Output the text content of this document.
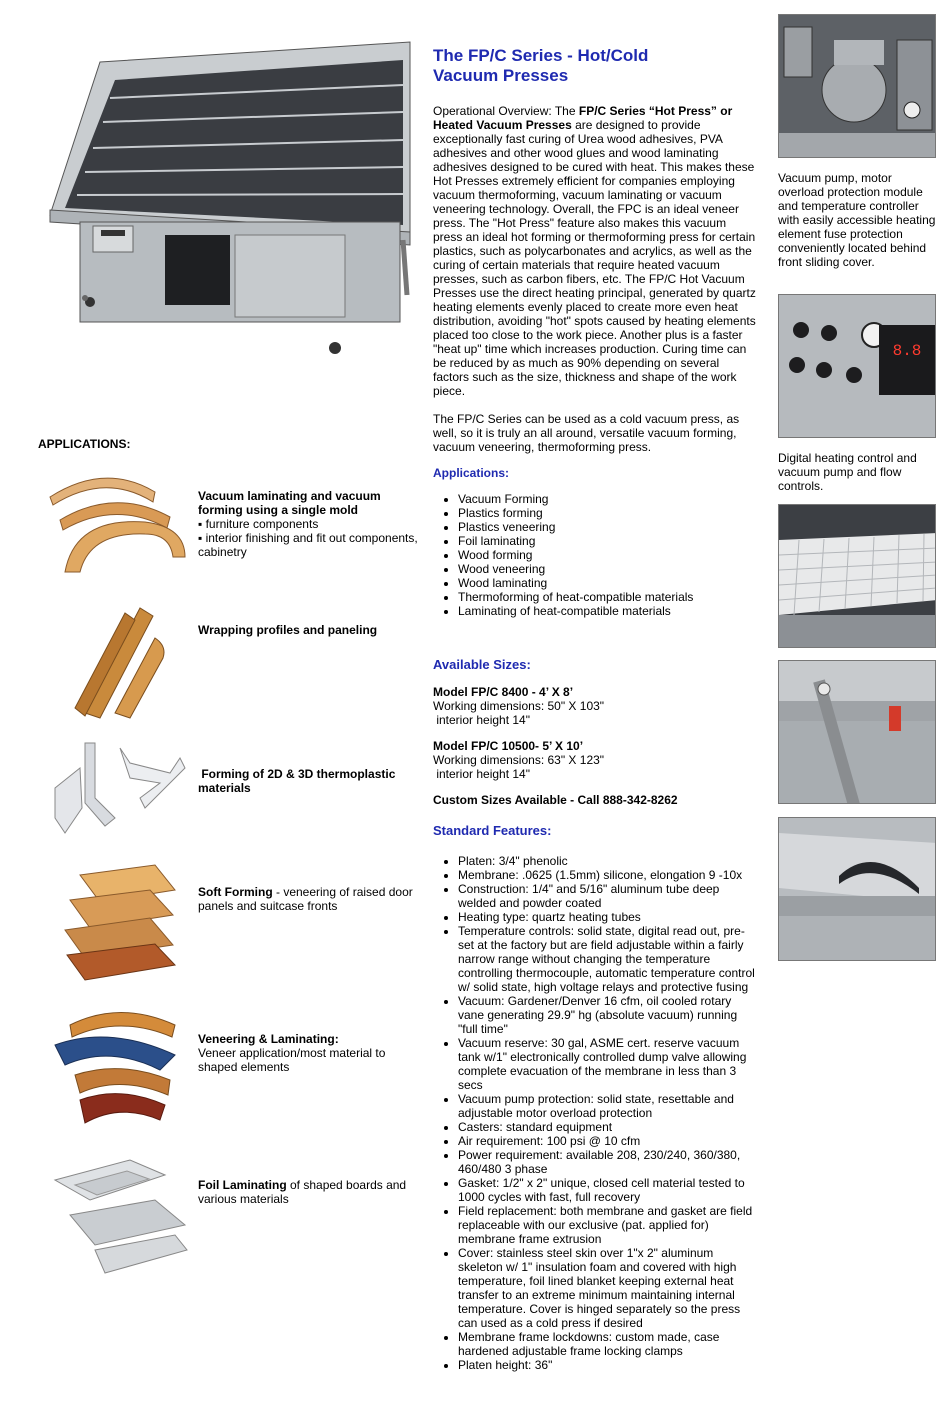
The FP/C Series - Hot/Cold
Vacuum Presses

Operational Overview: The FP/C Series “Hot Press” or Heated Vacuum Presses are designed to provide exceptionally fast curing of Urea wood adhesives, PVA adhesives and other wood glues and wood laminating adhesives designed to be cured with heat. This makes these Hot Presses extremely efficient for companies employing vacuum thermoforming, vacuum laminating or vacuum veneering technology. Overall, the FPC is an ideal veneer press. The "Hot Press" feature also makes this vacuum press an ideal hot forming or thermoforming press for certain plastics, such as polycarbonates and acrylics, as well as the curing of certain materials that require heated vacuum presses, such as carbon fibers, etc. The FP/C Hot Vacuum Presses use the direct heating principal, generated by quartz heating elements evenly placed to create more even heat distribution, avoiding "hot" spots caused by heating elements placed too close to the work piece. Another plus is a faster "heat up" time which increases production. Curing time can be reduced by as much as 90% depending on several factors such as the size, thickness and shape of the work piece.

The FP/C Series can be used as a cold vacuum press, as well, so it is truly an all around, versatile vacuum forming, vacuum veneering, thermoforming press.

Applications:
• Vacuum Forming
• Plastics forming
• Plastics veneering
• Foil laminating
• Wood forming
• Wood veneering
• Wood laminating
• Thermoforming of heat-compatible materials
• Laminating of heat-compatible materials
Available Sizes:
Model FP/C 8400 - 4’ X 8’
Working dimensions: 50" X 103"
interior height 14"
Model FP/C 10500- 5’ X 10’
Working dimensions: 63" X 123"
interior height 14"
Custom Sizes Available - Call 888-342-8262
Standard Features:
• Platen: 3/4" phenolic
• Membrane: .0625 (1.5mm) silicone, elongation 9 -10x
• Construction: 1/4" and 5/16" aluminum tube deep welded and powder coated
• Heating type: quartz heating tubes
• Temperature controls: solid state, digital read out, pre-set at the factory but are field adjustable within a fairly narrow range without changing the temperature controlling thermocouple, automatic temperature control w/ solid state, high voltage relays and protective fusing
• Vacuum: Gardener/Denver 16 cfm, oil cooled rotary vane generating 29.9" hg (absolute vacuum) running "full time"
• Vacuum reserve: 30 gal, ASME cert. reserve vacuum tank w/1" electronically controlled dump valve allowing complete evacuation of the membrane in less than 3 secs
• Vacuum pump protection: solid state, resettable and adjustable motor overload protection
• Casters: standard equipment
• Air requirement: 100 psi @ 10 cfm
• Power requirement: available 208, 230/240, 360/380, 460/480 3 phase
• Gasket: 1/2" x 2" unique, closed cell material tested to 1000 cycles with fast, full recovery
• Field replacement: both membrane and gasket are field replaceable with our exclusive (pat. applied for) membrane frame extrusion
• Cover: stainless steel skin over 1"x 2" aluminum skeleton w/ 1" insulation foam and covered with high temperature, foil lined blanket keeping external heat transfer to an extreme minimum maintaining internal temperature. Cover is hinged separately so the press can used as a cold press if desired
• Membrane frame lockdowns: custom made, case hardened adjustable frame locking clamps
• Platen height: 36"
APPLICATIONS:
Vacuum laminating and vacuum forming using a single mold
▪ furniture components
▪ interior finishing and fit out components, cabinetry
Wrapping profiles and paneling
Forming of 2D & 3D thermoplastic materials
Soft Forming - veneering of raised door panels and suitcase fronts
Veneering & Laminating:
Veneer application/most material to shaped elements
Foil Laminating of shaped boards and various materials
Vacuum pump, motor overload protection module and temperature controller with easily accessible heating element fuse protection conveniently located behind front sliding cover.
8.8
Digital heating control and vacuum pump and flow controls.
